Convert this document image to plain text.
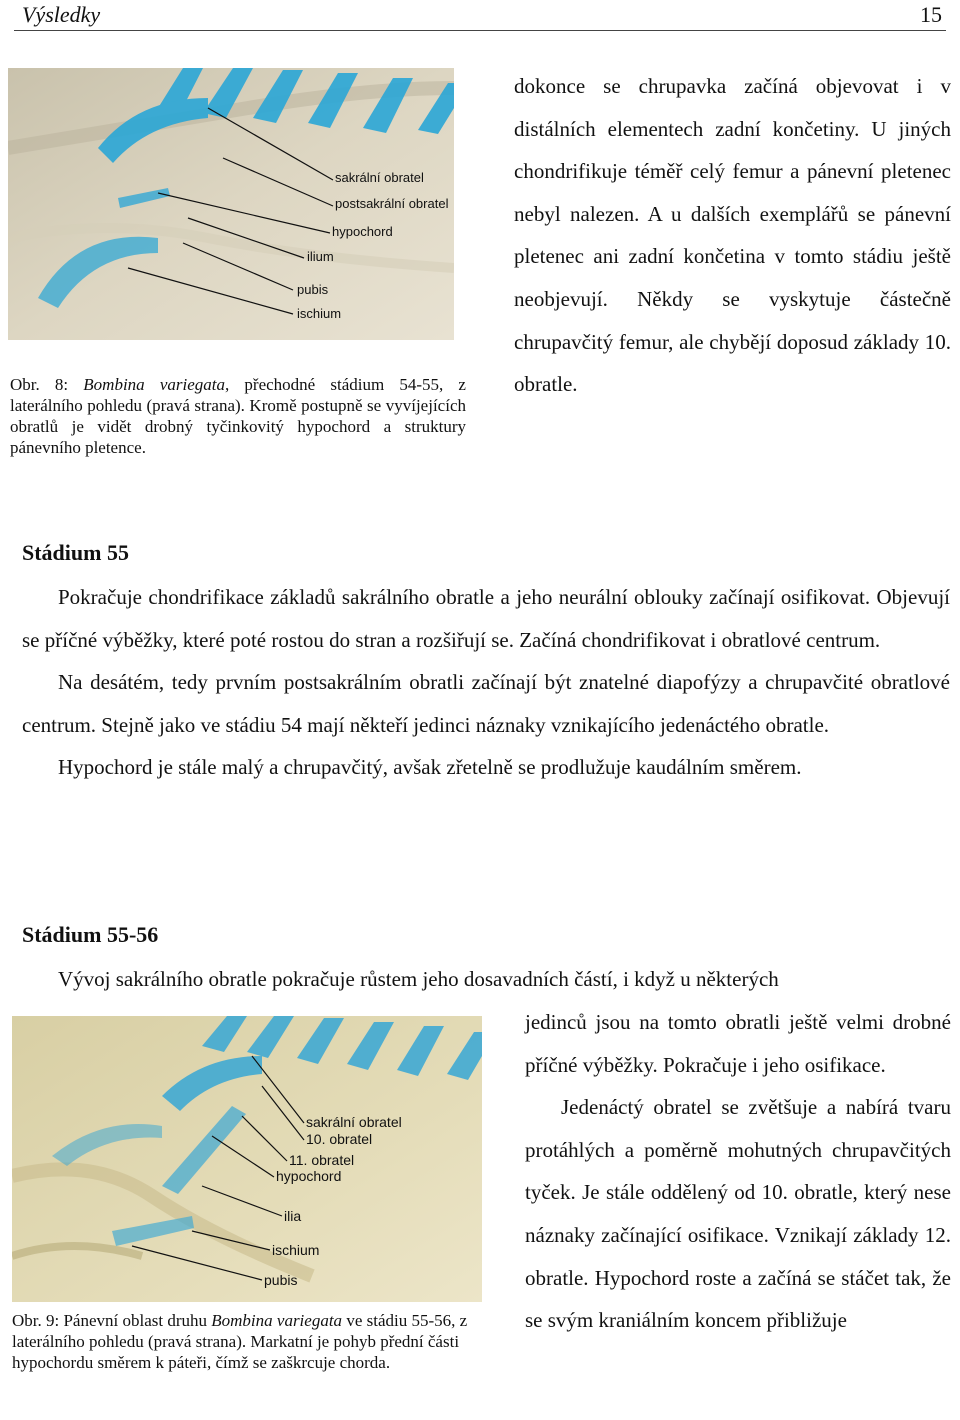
Výsledky	15
sakrální obratel
postsakrální obratel
hypochord
ilium
pubis
ischium

Obr. 8: Bombina variegata, přechodné stádium 54-55, z laterálního pohledu (pravá strana). Kromě postupně se vyvíjejících obratlů je vidět drobný tyčinkovitý hypochord a struktury pánevního pletence.

dokonce se chrupavka začíná objevovat i v distálních elementech zadní končetiny. U jiných chondrifikuje téměř celý femur a pánevní pletenec nebyl nalezen. A u dalších exemplářů se pánevní pletenec ani zadní končetina v tomto stádiu ještě neobjevují. Někdy se vyskytuje částečně chrupavčitý femur, ale chybějí doposud základy 10. obratle.

Stádium 55

Pokračuje chondrifikace základů sakrálního obratle a jeho neurální oblouky začínají osifikovat. Objevují se příčné výběžky, které poté rostou do stran a rozšiřují se. Začíná chondrifikovat i obratlové centrum.

Na desátém, tedy prvním postsakrálním obratli začínají být znatelné diapofýzy a chrupavčité obratlové centrum. Stejně jako ve stádiu 54 mají někteří jedinci náznaky vznikajícího jedenáctého obratle.

Hypochord je stále malý a chrupavčitý, avšak zřetelně se prodlužuje kaudálním směrem.

Stádium 55-56

Vývoj sakrálního obratle pokračuje růstem jeho dosavadních částí, i když u některých

sakrální obratel
10. obratel
11. obratel
hypochord
ilia
ischium
pubis

Obr. 9: Pánevní oblast druhu Bombina variegata ve stádiu 55-56, z laterálního pohledu (pravá strana). Markatní je pohyb přední části hypochordu směrem k páteři, čímž se zaškrcuje chorda.

jedinců jsou na tomto obratli ještě velmi drobné příčné výběžky. Pokračuje i jeho osifikace.

Jedenáctý obratel se zvětšuje a nabírá tvaru protáhlých a poměrně mohutných chrupavčitých tyček. Je stále oddělený od 10. obratle, který nese náznaky začínající osifikace. Vznikají základy 12. obratle. Hypochord roste a začíná se stáčet tak, že se svým kraniálním koncem přibližuje
